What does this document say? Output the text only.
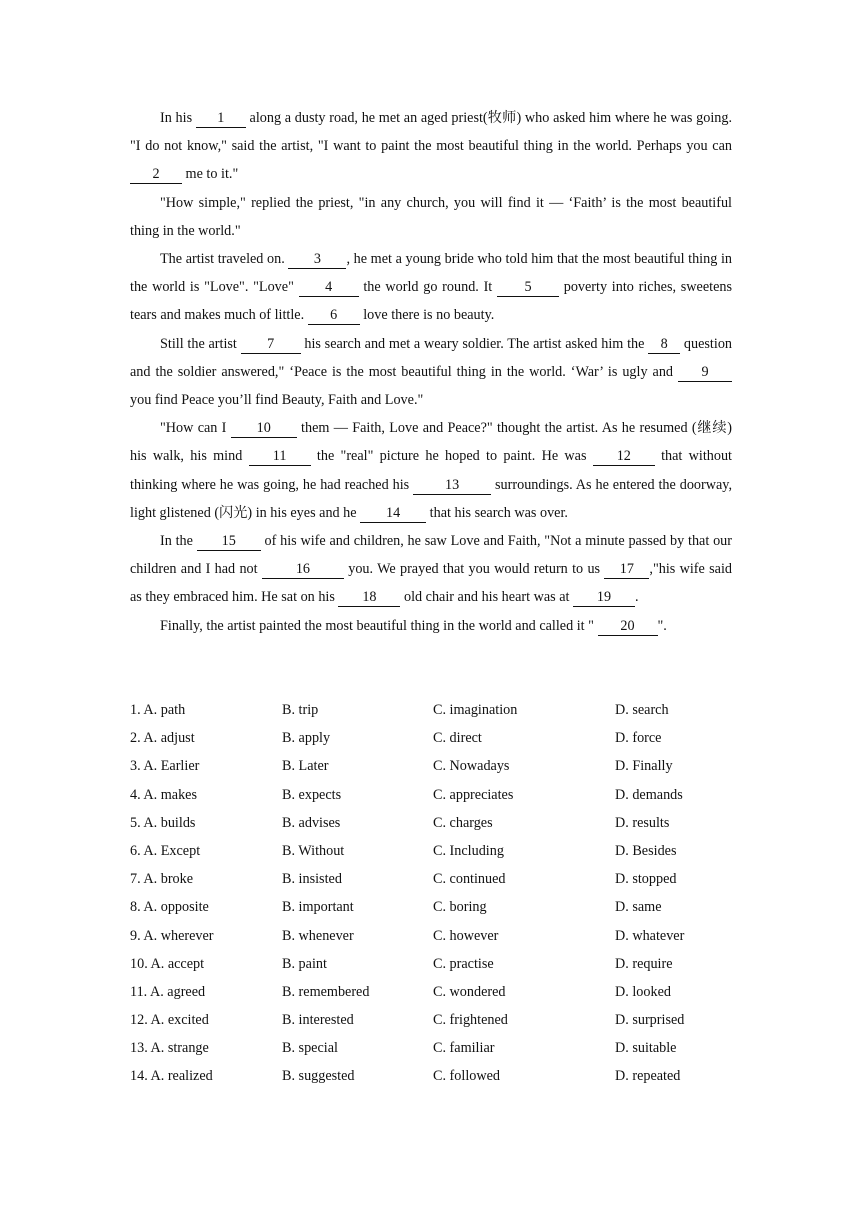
In his 1 along a dusty road, he met an aged priest(牧师) who asked him where he was going. "I do not know," said the artist, "I want to paint the most beautiful thing in the world. Perhaps you can 2 me to it."

"How simple," replied the priest, "in any church, you will find it — ‘Faith’ is the most beautiful thing in the world."

The artist traveled on. 3 , he met a young bride who told him that the most beautiful thing in the world is "Love". "Love" 4 the world go round. It 5 poverty into riches, sweetens tears and makes much of little. 6 love there is no beauty.

Still the artist 7 his search and met a weary soldier. The artist asked him the 8 question and the soldier answered," ‘Peace is the most beautiful thing in the world. ‘War’ is ugly and 9 you find Peace you’ll find Beauty, Faith and Love."

"How can I 10 them — Faith, Love and Peace?" thought the artist. As he resumed (继续) his walk, his mind 11 the "real" picture he hoped to paint. He was 12 that without thinking where he was going, he had reached his 13 surroundings. As he entered the doorway, light glistened (闪光) in his eyes and he 14 that his search was over.

In the 15 of his wife and children, he saw Love and Faith, "Not a minute passed by that our children and I had not 16 you. We prayed that you would return to us 17 ,"his wife said as they embraced him. He sat on his 18 old chair and his heart was at 19 .

Finally, the artist painted the most beautiful thing in the world and called it " 20 ".

1. A. path	B. trip	C. imagination	D. search
2. A. adjust	B. apply	C. direct	D. force
3. A. Earlier	B. Later	C. Nowadays	D. Finally
4. A. makes	B. expects	C. appreciates	D. demands
5. A. builds	B. advises	C. charges	D. results
6. A. Except	B. Without	C. Including	D. Besides
7. A. broke	B. insisted	C. continued	D. stopped
8. A. opposite	B. important	C. boring	D. same
9. A. wherever	B. whenever	C. however	D. whatever
10. A. accept	B. paint	C. practise	D. require
11. A. agreed	B. remembered	C. wondered	D. looked
12. A. excited	B. interested	C. frightened	D. surprised
13. A. strange	B. special	C. familiar	D. suitable
14. A. realized	B. suggested	C. followed	D. repeated
